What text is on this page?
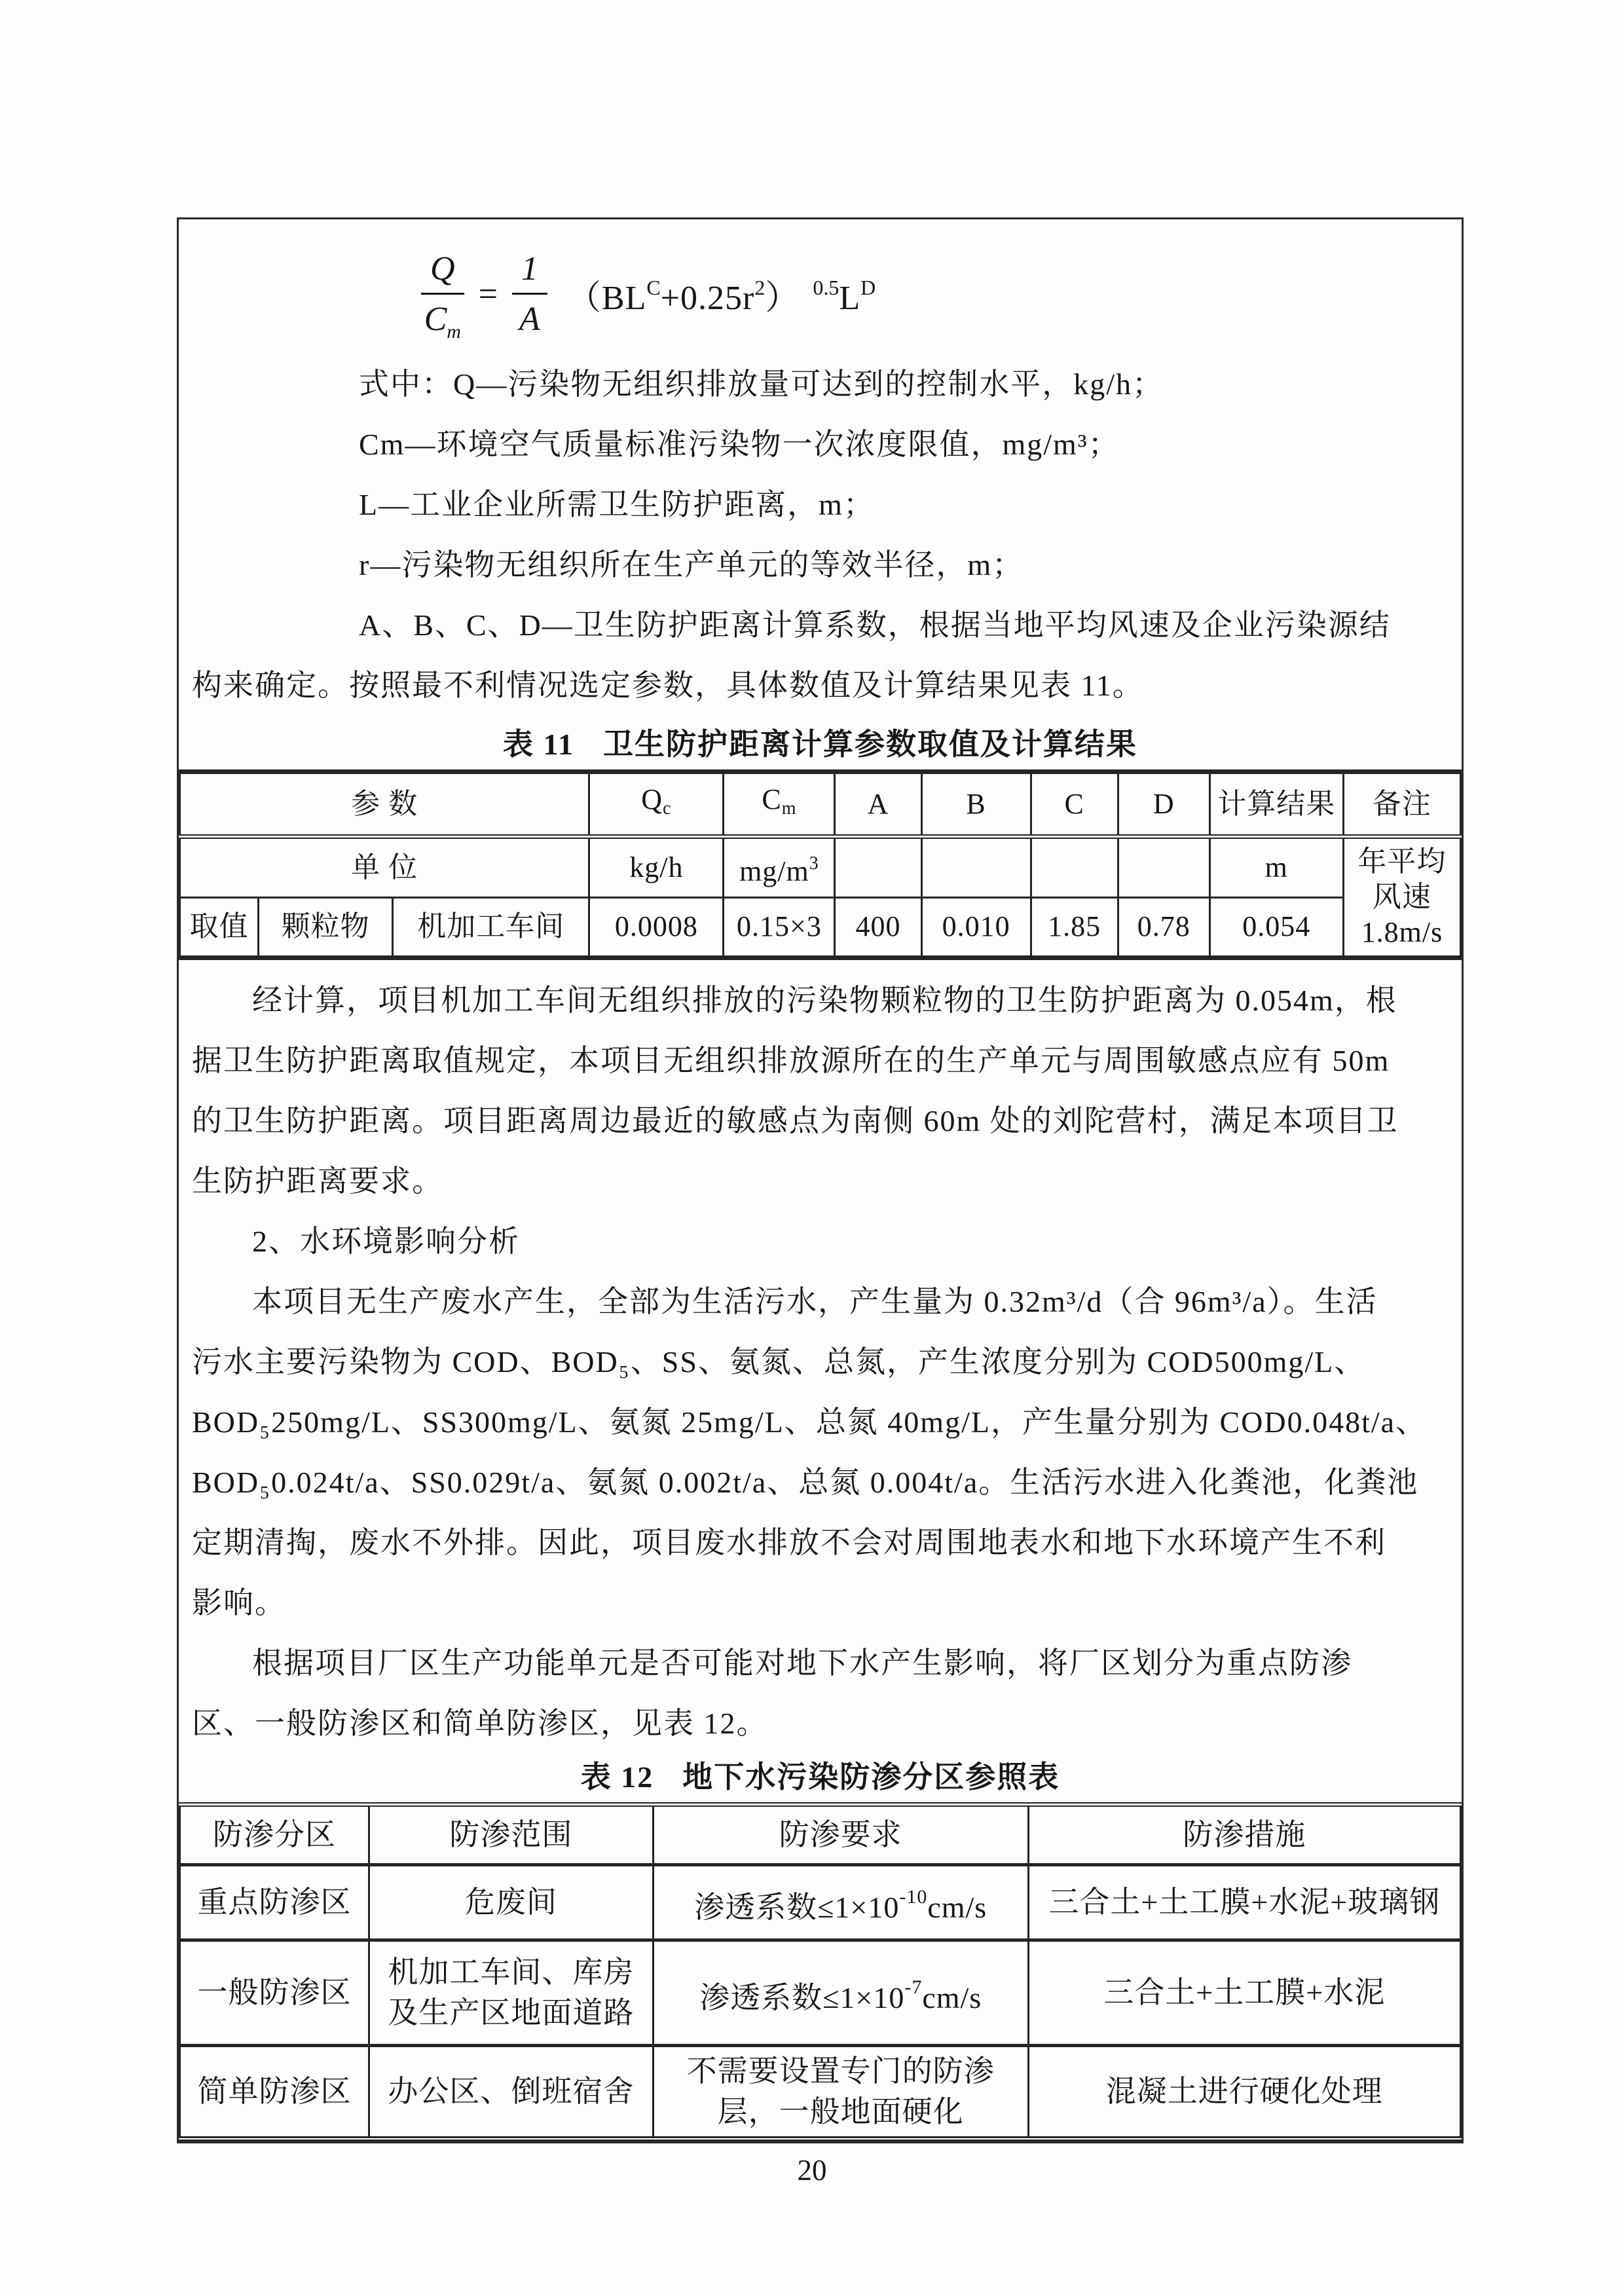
$\frac{Q}{C_m} = \frac{1}{A} (BL^C+0.25r^2)$ $^{0.5}L^D$
式中：Q—污染物无组织排放量可达到的控制水平，kg/h；
Cm—环境空气质量标准污染物一次浓度限值，mg/m³；
L—工业企业所需卫生防护距离，m；
r—污染物无组织所在生产单元的等效半径，m；
A、B、C、D—卫生防护距离计算系数，根据当地平均风速及企业污染源结
构来确定。按照最不利情况选定参数，具体数值及计算结果见表 11。
表 11 卫生防护距离计算参数取值及计算结果
参 数			$Q_c$	$C_m$	A	B	C	D	计算结果	备注
单 位			kg/h	$mg/m^3$					m	年平均
风速
1.8m/s

取值	颗粒物	机加工车间	0.0008	0.15×3	400	0.010	1.85	0.78	0.054	
经计算，项目机加工车间无组织排放的污染物颗粒物的卫生防护距离为 0.054m，根
据卫生防护距离取值规定，本项目无组织排放源所在的生产单元与周围敏感点应有 50m
的卫生防护距离。项目距离周边最近的敏感点为南侧 60m 处的刘陀营村，满足本项目卫
生防护距离要求。
2、水环境影响分析
本项目无生产废水产生，全部为生活污水，产生量为 0.32m³/d（合 96m³/a）。生活
污水主要污染物为 COD、BOD₅、SS、氨氮、总氮，产生浓度分别为 COD500mg/L、
BOD₅250mg/L、SS300mg/L、氨氮 25mg/L、总氮 40mg/L，产生量分别为 COD0.048t/a、
BOD₅0.024t/a、SS0.029t/a、氨氮 0.002t/a、总氮 0.004t/a。生活污水进入化粪池，化粪池
定期清掏，废水不外排。因此，项目废水排放不会对周围地表水和地下水环境产生不利
影响。
根据项目厂区生产功能单元是否可能对地下水产生影响，将厂区划分为重点防渗
区、一般防渗区和简单防渗区，见表 12。
表 12 地下水污染防渗分区参照表
防渗分区	防渗范围	防渗要求	防渗措施
重点防渗区	危废间	渗透系数$\le 1\times 10^{-10}cm/s$	三合土+土工膜+水泥+玻璃钢
一般防渗区	机加工车间、库房及生产区地面道路	渗透系数$\le 1\times 10^{-7}cm/s$	三合土+土工膜+水泥
简单防渗区	办公区、倒班宿舍	不需要设置专门的防渗层，一般地面硬化	混凝土进行硬化处理
20
